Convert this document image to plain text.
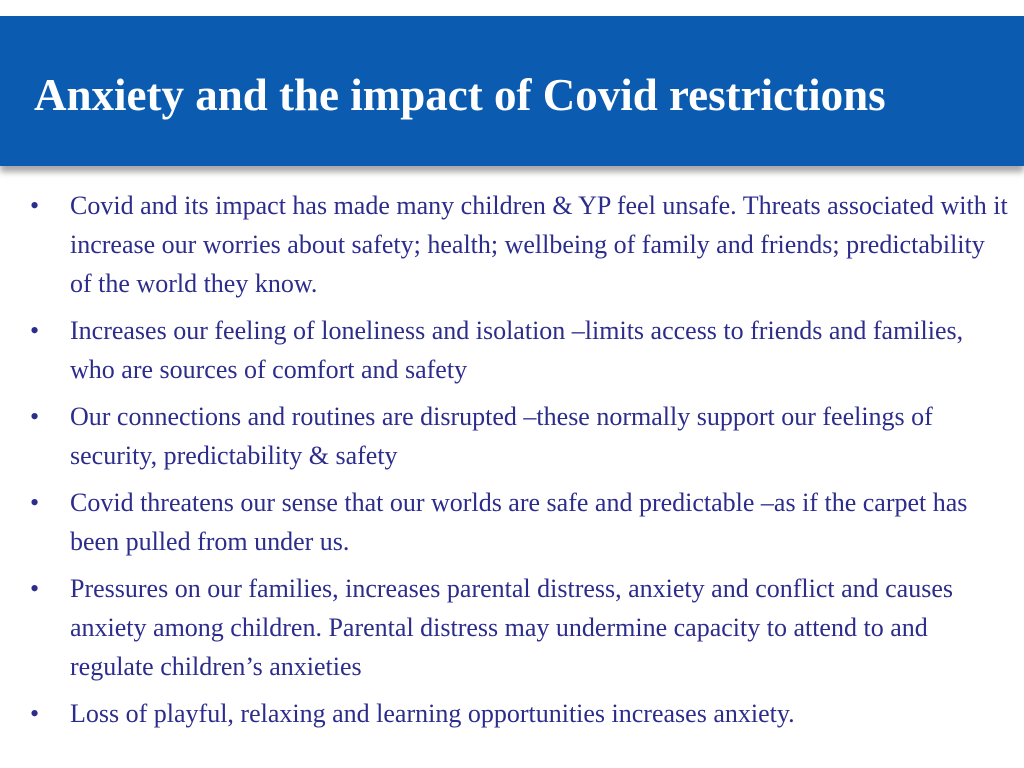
Anxiety and the impact of Covid restrictions
•	Covid and its impact has made many children & YP feel unsafe. Threats associated with it increase our worries about safety; health; wellbeing of family and friends; predictability of the world they know.
•	Increases our feeling of loneliness and isolation –limits access to friends and families, who are sources of comfort and safety
•	Our connections and routines are disrupted –these normally support our feelings of security, predictability & safety
•	Covid threatens our sense that our worlds are safe and predictable –as if the carpet has been pulled from under us.
•	Pressures on our families, increases parental distress, anxiety and conflict and causes anxiety among children. Parental distress may undermine capacity to attend to and regulate children’s anxieties
•	Loss of playful, relaxing and learning opportunities increases anxiety.
